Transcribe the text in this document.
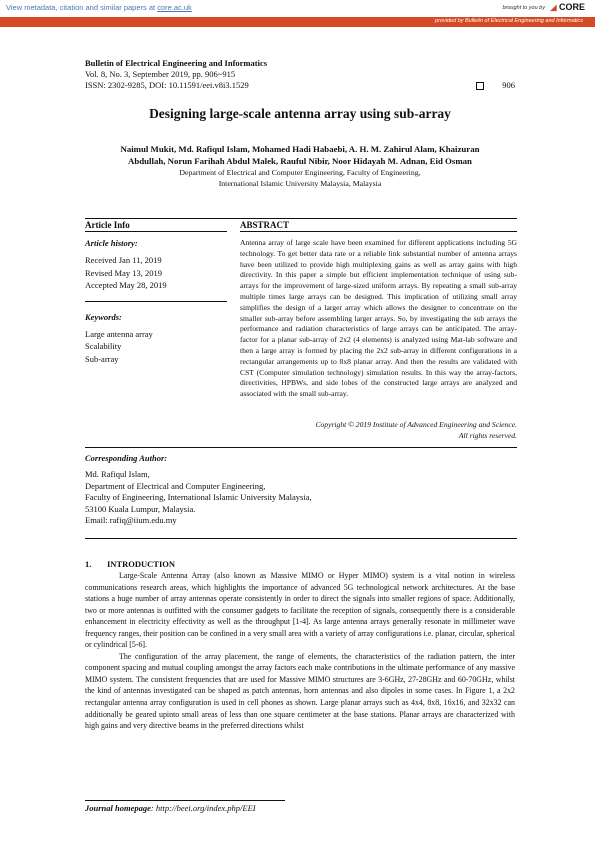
View metadata, citation and similar papers at core.ac.uk	brought to you by ◢ CORE
provided by Bulletin of Electrical Engineering and Informatics
Bulletin of Electrical Engineering and Informatics
Vol. 8, No. 3, September 2019, pp. 906~915
ISSN: 2302-9285, DOI: 10.11591/eei.v8i3.1529	906
Designing large-scale antenna array using sub-array
Naimul Mukit, Md. Rafiqul Islam, Mohamed Hadi Habaebi, A. H. M. Zahirul Alam, Khaizuran
Abdullah, Norun Farihah Abdul Malek, Rauful Nibir, Noor Hidayah M. Adnan, Eid Osman
Department of Electrical and Computer Engineering, Faculty of Engineering,
International Islamic University Malaysia, Malaysia
Article Info	ABSTRACT
Article history:
Received Jan 11, 2019
Revised May 13, 2019
Accepted May 28, 2019
Keywords:
Large antenna array
Scalability
Sub-array
Antenna array of large scale have been examined for different applications including 5G technology. To get better data rate or a reliable link substantial number of antenna arrays have been utilized to provide high multiplexing gains as well as array gains with high directivity. In this paper a simple but efficient implementation technique of using sub-arrays for the improvement of large-sized uniform arrays. By repeating a small sub-array multiple times large arrays can be designed. This implication of utilizing small array simplifies the design of a larger array which allows the designer to concentrate on the smaller sub-array before assembling larger arrays. So, by investigating the sub arrays the performance and radiation characteristics of large arrays can be anticipated. The array-factor for a planar sub-array of 2x2 (4 elements) is analyzed using Mat-lab software and then a large array is formed by placing the 2x2 sub-array in different configurations in a rectangular arrangements up to 8x8 planar array. And then the results are validated with CST (Computer simulation technology) simulation results. In this way the array-factors, directivities, HPBWs, and side lobes of the constructed large arrays are analyzed and associated with the small sub-array.
Copyright © 2019 Institute of Advanced Engineering and Science.
All rights reserved.
Corresponding Author:
Md. Rafiqul Islam,
Department of Electrical and Computer Engineering,
Faculty of Engineering, International Islamic University Malaysia,
53100 Kuala Lumpur, Malaysia.
Email: rafiq@iium.edu.my
1. INTRODUCTION

Large-Scale Antenna Array (also known as Massive MIMO or Hyper MIMO) system is a vital notion in wireless communications research areas, which highlights the importance of advanced 5G technological network architectures. At the base stations a huge number of array antennas operate consistently in order to direct the signals into smaller regions of space. Additionally, two or more antennas is outfitted with the consumer gadgets to facilitate the reception of signals, consequently there is a considerable enhancement in electricity effectivity as well as the throughput [1-4]. As large antenna arrays generally resonate in millimeter wave frequency ranges, their position can be confined in a very small area with a variety of array configurations i.e. planar, circular, spherical or cylindrical [5-6].

The configuration of the array placement, the range of elements, the characteristics of the radiation pattern, the inter component spacing and mutual coupling amongst the array factors each make contributions in the ultimate performance of any massive MIMO system. The consistent frequencies that are used for Massive MIMO structures are 3-6GHz, 27-28GHz and 60-70GHz, whilst the kind of antennas investigated can be shaped as patch antennas, horn antennas and also dipoles in some cases. In Figure 1, a 2x2 rectangular antenna array configuration is used in cell phones as shown. Large planar arrays such as 4x4, 8x8, 16x16, and 32x32 can additionally be geared upinto small areas of less than one square centimeter at the base stations. Planar arrays are characterized with high gains and very directive beams in the preferred directions whilst

Journal homepage: http://beei.org/index.php/EEI
